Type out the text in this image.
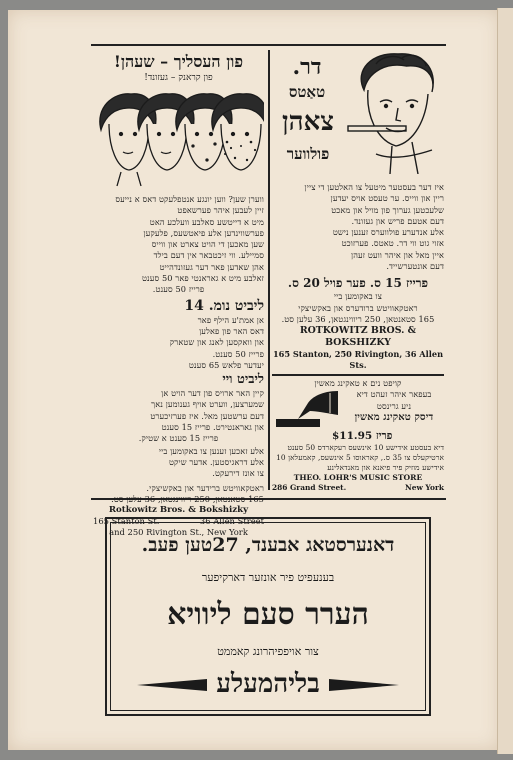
פון העסליך – שעהן!
פון קראנק – געזונד!
ווערן שען? ווען יונגע אנטפלעקט דאס א נייעס
זיין לעבען איהר פערשאפט
מיט א דייטשע סאלבע וועלכע האט
פערשווינדען אלע פיאטשעס, פלעקען
שען מאכען די הויט צארט און ווייס
סמיילע. ווי זיכטבאר אין דעם בילד
אהן שאדען פאר דער געזונדהייט
זאלבע מיט א גאראנטי פאר 50 סענט
פרייז 50 סענט.
ליביט נומ. 14
אן אמת'ע הילף פאר
דאס האר פון פאלען
און וואקסען לאנג און שטארק
פרייז 50 סענט.
יעדער פלאש 65 סענט
ליביט ויי
קיין האר ארויס פון דער הויט אן
שמערצען, ווערט אויף גענומען נאך
דעם ערשטען מאל. איז פערזיכערט
און גאראנטירט. פרייז 15 סענט
פרייז 15 סענט א שטיק.
אלע זאכען זענען צו באקומען ביי
אלע דראגיסטען. אדער שיקט
צו אונז דירעקט.
ראטקאוויטש ברידער און באקשיצקי.
165 סטאנטאן, 250 ריווינגטאן, 36 עלען סט.
Rotkowitz Bros. & Bokshizky
165 Stanton St.	36 Allen Street
and 250 Rivington St., New York
דר.
טאַטס
צאהן
פולווער
איז דער בעסטער מיטעל צו האלטען די ציין
ריין און ווייס. ער טעסט אויס יעדען
שלעכטען גערוך פון מויל און מאכט
דעם אטעם פריש און געזונד.
אלע אנדערע פולווערס זענען נישט
אזוי גוט ווי דר. טאטס. פערזוכט
איין מאל און איהר וועט זעהן
דעם אונטערשייד.
פרייז 15 ס. פער פויל 20 ס.
צו באקומען ביי
ראטקאוויטש ברודערס און באקשיצקי
165 סטאנטאן, 250 ריווינגטאן, 36 עלען סט.
ROTKOWITZ BROS. & BOKSHIZKY
165 Stanton, 250 Rivington, 36 Allen Sts.
קויפט נים א טאקינג מאשין
בעפאר איהר זעהט דיא
ניע גרינסט
דיסק טאקינג מאשין
פריז $11.95
דיא בעסטע אידישע 10 אינשעס רעקארדס 50 סענט
ארטיקעלס צו 35 ס., קאראוסו 5 אינשעס, קאמעלאן 10
אידישע מוזיק פיר פיאנא און מאנדאלינע
THEO. LOHR'S MUSIC STORE
286 Grand Street.	New York
דאנערסטאג אבענד, 27טען פעב.
בענעפיט פיר אונזער דארקיפער
הערר סעם ליוויא
צור אויפפיהרונג קאממט
בליהמעלע
